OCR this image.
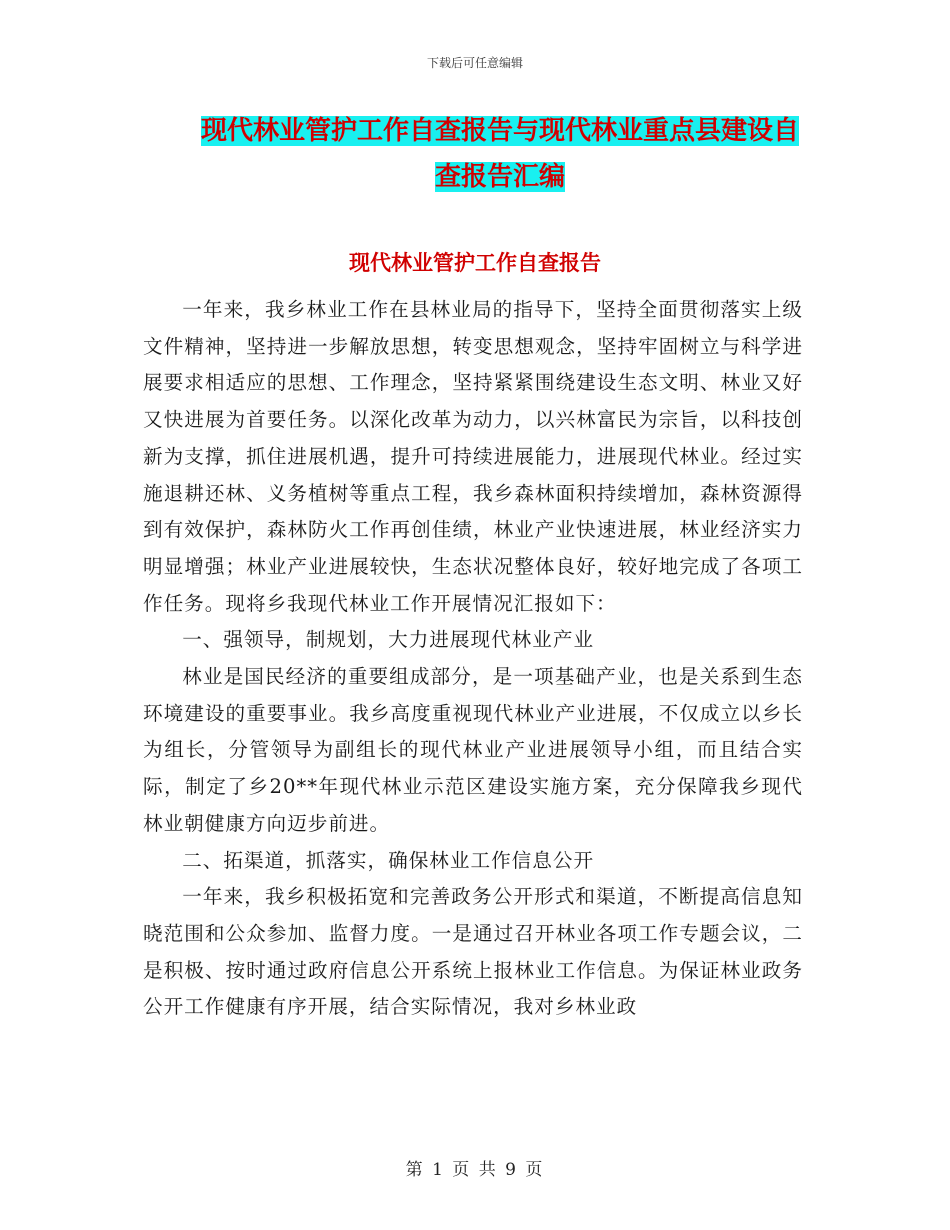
下载后可任意编辑
现代林业管护工作自查报告与现代林业重点县建设自查报告汇编
现代林业管护工作自查报告

一年来，我乡林业工作在县林业局的指导下，坚持全面贯彻落实上级文件精神，坚持进一步解放思想，转变思想观念，坚持牢固树立与科学进展要求相适应的思想、工作理念，坚持紧紧围绕建设生态文明、林业又好又快进展为首要任务。以深化改革为动力，以兴林富民为宗旨，以科技创新为支撑，抓住进展机遇，提升可持续进展能力，进展现代林业。经过实施退耕还林、义务植树等重点工程，我乡森林面积持续增加，森林资源得到有效保护，森林防火工作再创佳绩，林业产业快速进展，林业经济实力明显增强；林业产业进展较快，生态状况整体良好，较好地完成了各项工作任务。现将乡我现代林业工作开展情况汇报如下：

一、强领导，制规划，大力进展现代林业产业

林业是国民经济的重要组成部分，是一项基础产业，也是关系到生态环境建设的重要事业。我乡高度重视现代林业产业进展，不仅成立以乡长为组长，分管领导为副组长的现代林业产业进展领导小组，而且结合实际，制定了乡20**年现代林业示范区建设实施方案，充分保障我乡现代林业朝健康方向迈步前进。

二、拓渠道，抓落实，确保林业工作信息公开

一年来，我乡积极拓宽和完善政务公开形式和渠道，不断提高信息知晓范围和公众参加、监督力度。一是通过召开林业各项工作专题会议，二是积极、按时通过政府信息公开系统上报林业工作信息。为保证林业政务公开工作健康有序开展，结合实际情况，我对乡林业政

第 1 页 共 9 页
